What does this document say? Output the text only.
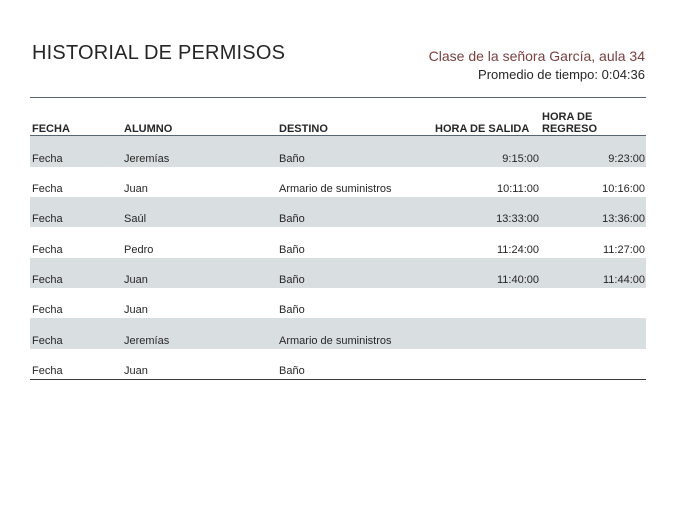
HISTORIAL DE PERMISOS	Clase de la señora García, aula 34
Promedio de tiempo: 0:04:36
FECHA	ALUMNO	DESTINO	HORA DE SALIDA	HORA DE REGRESO
Fecha	Jeremías	Baño	9:15:00	9:23:00
Fecha	Juan	Armario de suministros	10:11:00	10:16:00
Fecha	Saúl	Baño	13:33:00	13:36:00
Fecha	Pedro	Baño	11:24:00	11:27:00
Fecha	Juan	Baño	11:40:00	11:44:00
Fecha	Juan	Baño		
Fecha	Jeremías	Armario de suministros		
Fecha	Juan	Baño		
